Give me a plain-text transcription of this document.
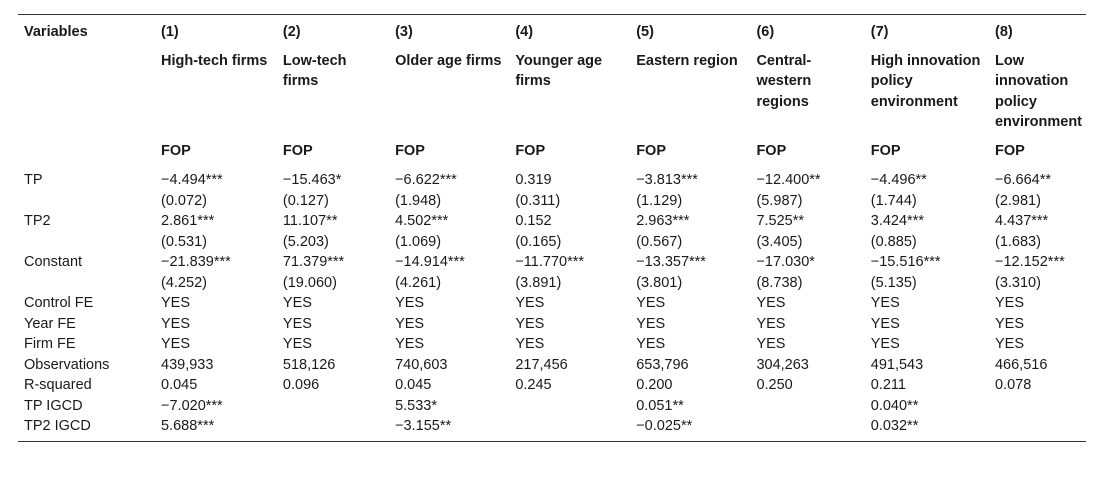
Variables	(1)	(2)	(3)	(4)	(5)	(6)	(7)	(8)
	High-tech firms	Low-tech firms	Older age firms	Younger age firms	Eastern region	Central-western regions	High innovation policy environment	Low innovation policy environment
	FOP	FOP	FOP	FOP	FOP	FOP	FOP	FOP
TP	−4.494***	−15.463*	−6.622***	0.319	−3.813***	−12.400**	−4.496**	−6.664**
	(0.072)	(0.127)	(1.948)	(0.311)	(1.129)	(5.987)	(1.744)	(2.981)
TP2	2.861***	11.107**	4.502***	0.152	2.963***	7.525**	3.424***	4.437***
	(0.531)	(5.203)	(1.069)	(0.165)	(0.567)	(3.405)	(0.885)	(1.683)
Constant	−21.839***	71.379***	−14.914***	−11.770***	−13.357***	−17.030*	−15.516***	−12.152***
	(4.252)	(19.060)	(4.261)	(3.891)	(3.801)	(8.738)	(5.135)	(3.310)
Control FE	YES	YES	YES	YES	YES	YES	YES	YES
Year FE	YES	YES	YES	YES	YES	YES	YES	YES
Firm FE	YES	YES	YES	YES	YES	YES	YES	YES
Observations	439,933	518,126	740,603	217,456	653,796	304,263	491,543	466,516
R-squared	0.045	0.096	0.045	0.245	0.200	0.250	0.211	0.078
TP IGCD	−7.020***		5.533*		0.051**		0.040**	
TP2 IGCD	5.688***		−3.155**		−0.025**		0.032**	
